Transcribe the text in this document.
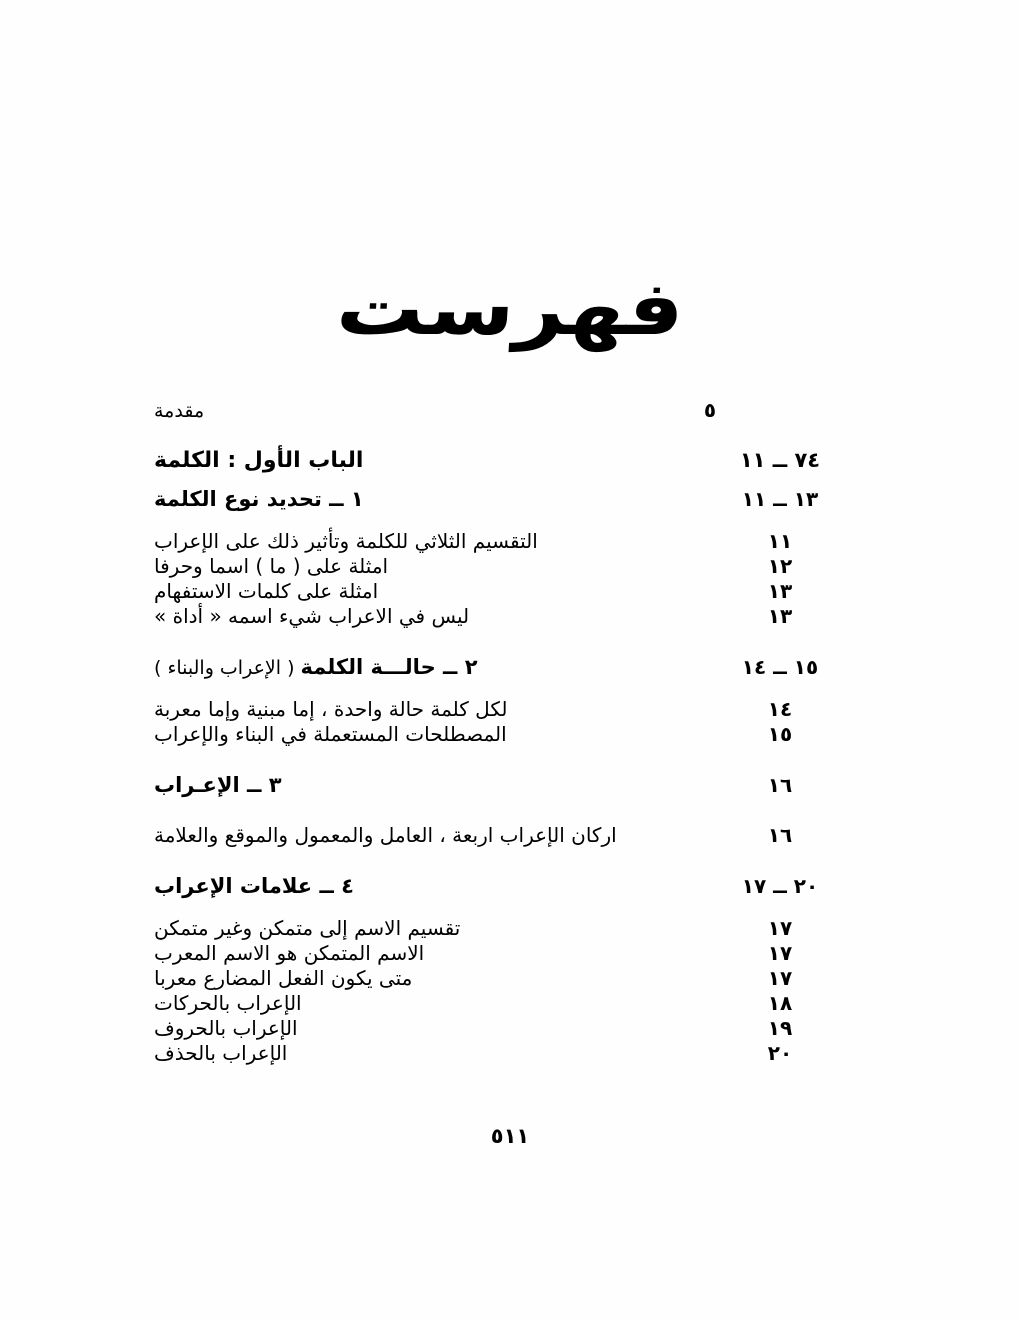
فهرست
٥
مقدمة
٧٤ ــ ١١
الباب الأول : الكلمة
١٣ ــ ١١
١ ــ تحديد نوع الكلمة
١١
التقسيم الثلاثي للكلمة وتأثير ذلك على الإعراب
١٢
امثلة على ( ما ) اسما وحرفا
١٣
امثلة على كلمات الاستفهام
١٣
ليس في الاعراب شيء اسمه « أداة »
١٥ ــ ١٤
٢ ــ حالـــة الكلمة ( الإعراب والبناء )
١٤
لكل كلمة حالة واحدة ، إما مبنية وإما معربة
١٥
المصطلحات المستعملة في البناء والإعراب
١٦
٣ ــ الإعـراب
١٦
اركان الإعراب اربعة ، العامل والمعمول والموقع والعلامة
٢٠ ــ ١٧
٤ ــ علامات الإعراب
١٧
تقسيم الاسم إلى متمكن وغير متمكن
١٧
الاسم المتمكن هو الاسم المعرب
١٧
متى يكون الفعل المضارع معربا
١٨
الإعراب بالحركات
١٩
الإعراب بالحروف
٢٠
الإعراب بالحذف
٥١١
